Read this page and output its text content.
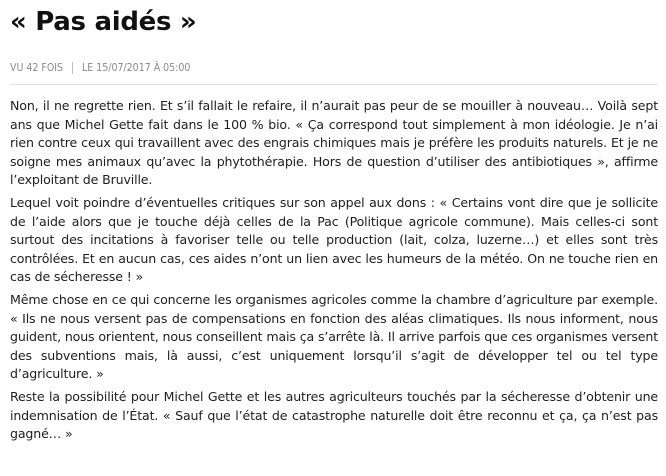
« Pas aidés »
VU 42 FOIS LE 15/07/2017 À 05:00

Non, il ne regrette rien. Et s’il fallait le refaire, il n’aurait pas peur de se mouiller à nouveau… Voilà sept ans que Michel Gette fait dans le 100 % bio. « Ça correspond tout simplement à mon idéologie. Je n’ai rien contre ceux qui travaillent avec des engrais chimiques mais je préfère les produits naturels. Et je ne soigne mes animaux qu’avec la phytothérapie. Hors de question d’utiliser des antibiotiques », affirme l’exploitant de Bruville.

Lequel voit poindre d’éventuelles critiques sur son appel aux dons : « Certains vont dire que je sollicite de l’aide alors que je touche déjà celles de la Pac (Politique agricole commune). Mais celles-ci sont surtout des incitations à favoriser telle ou telle production (lait, colza, luzerne…) et elles sont très contrôlées. Et en aucun cas, ces aides n’ont un lien avec les humeurs de la météo. On ne touche rien en cas de sécheresse ! »

Même chose en ce qui concerne les organismes agricoles comme la chambre d’agriculture par exemple. « Ils ne nous versent pas de compensations en fonction des aléas climatiques. Ils nous informent, nous guident, nous orientent, nous conseillent mais ça s’arrête là. Il arrive parfois que ces organismes versent des subventions mais, là aussi, c’est uniquement lorsqu’il s’agit de développer tel ou tel type d’agriculture. »

Reste la possibilité pour Michel Gette et les autres agriculteurs touchés par la sécheresse d’obtenir une indemnisation de l’État. « Sauf que l’état de catastrophe naturelle doit être reconnu et ça, ça n’est pas gagné… »
